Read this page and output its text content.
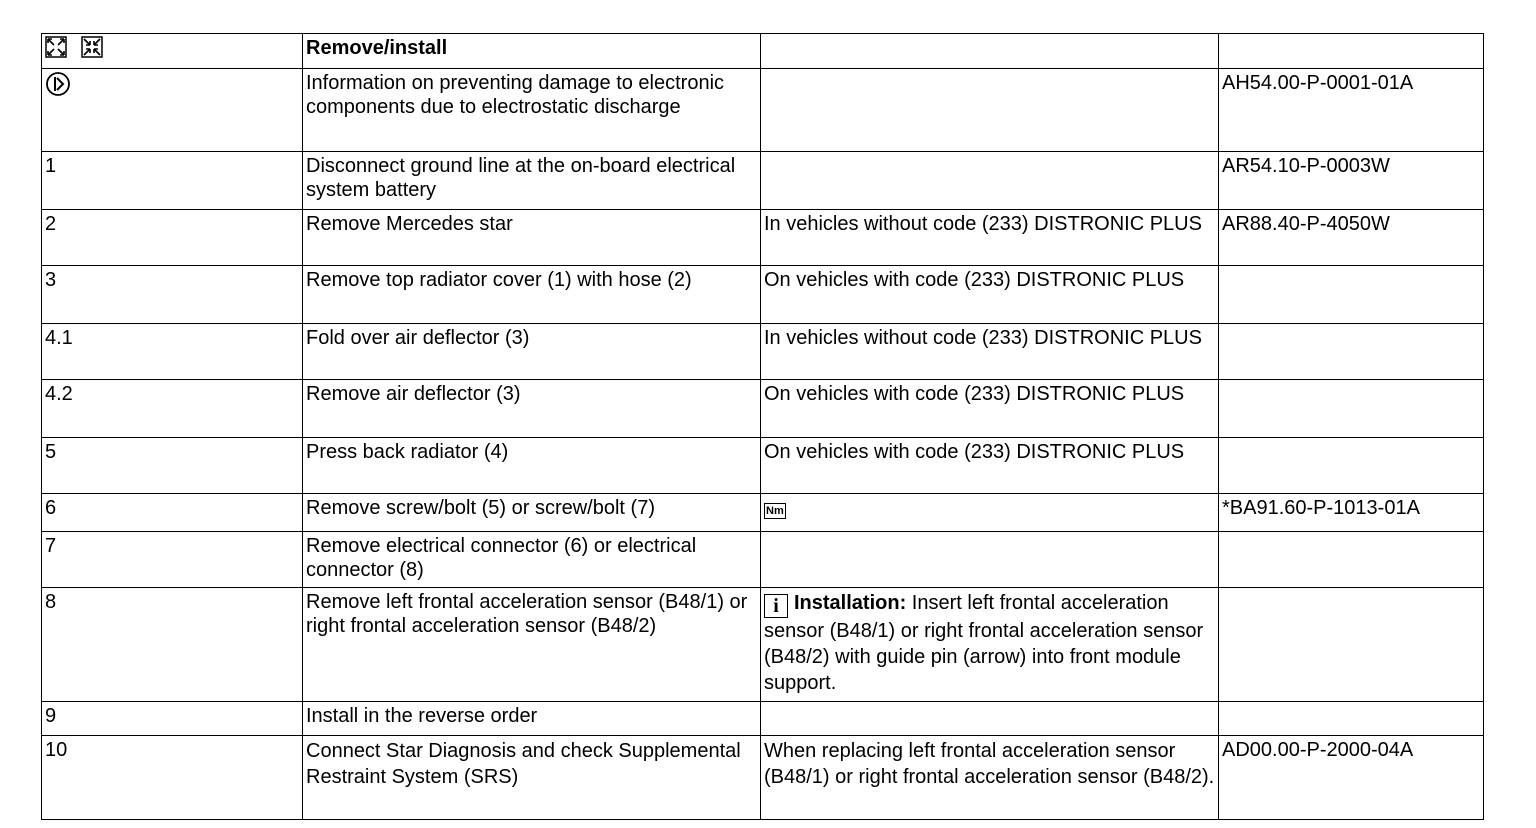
	Remove/install		
	Information on preventing damage to electronic components due to electrostatic discharge		AH54.00-P-0001-01A
1	Disconnect ground line at the on-board electrical system battery		AR54.10-P-0003W
2	Remove Mercedes star	In vehicles without code (233) DISTRONIC PLUS	AR88.40-P-4050W
3	Remove top radiator cover (1) with hose (2)	On vehicles with code (233) DISTRONIC PLUS	
4.1	Fold over air deflector (3)	In vehicles without code (233) DISTRONIC PLUS	
4.2	Remove air deflector (3)	On vehicles with code (233) DISTRONIC PLUS	
5	Press back radiator (4)	On vehicles with code (233) DISTRONIC PLUS	
6	Remove screw/bolt (5) or screw/bolt (7)	Nm	*BA91.60-P-1013-01A
7	Remove electrical connector (6) or electrical connector (8)		
8	Remove left frontal acceleration sensor (B48/1) or right frontal acceleration sensor (B48/2)	i Installation: Insert left frontal acceleration sensor (B48/1) or right frontal acceleration sensor (B48/2) with guide pin (arrow) into front module support.	
9	Install in the reverse order		
10	Connect Star Diagnosis and check Supplemental Restraint System (SRS)	When replacing left frontal acceleration sensor (B48/1) or right frontal acceleration sensor (B48/2).	AD00.00-P-2000-04A
